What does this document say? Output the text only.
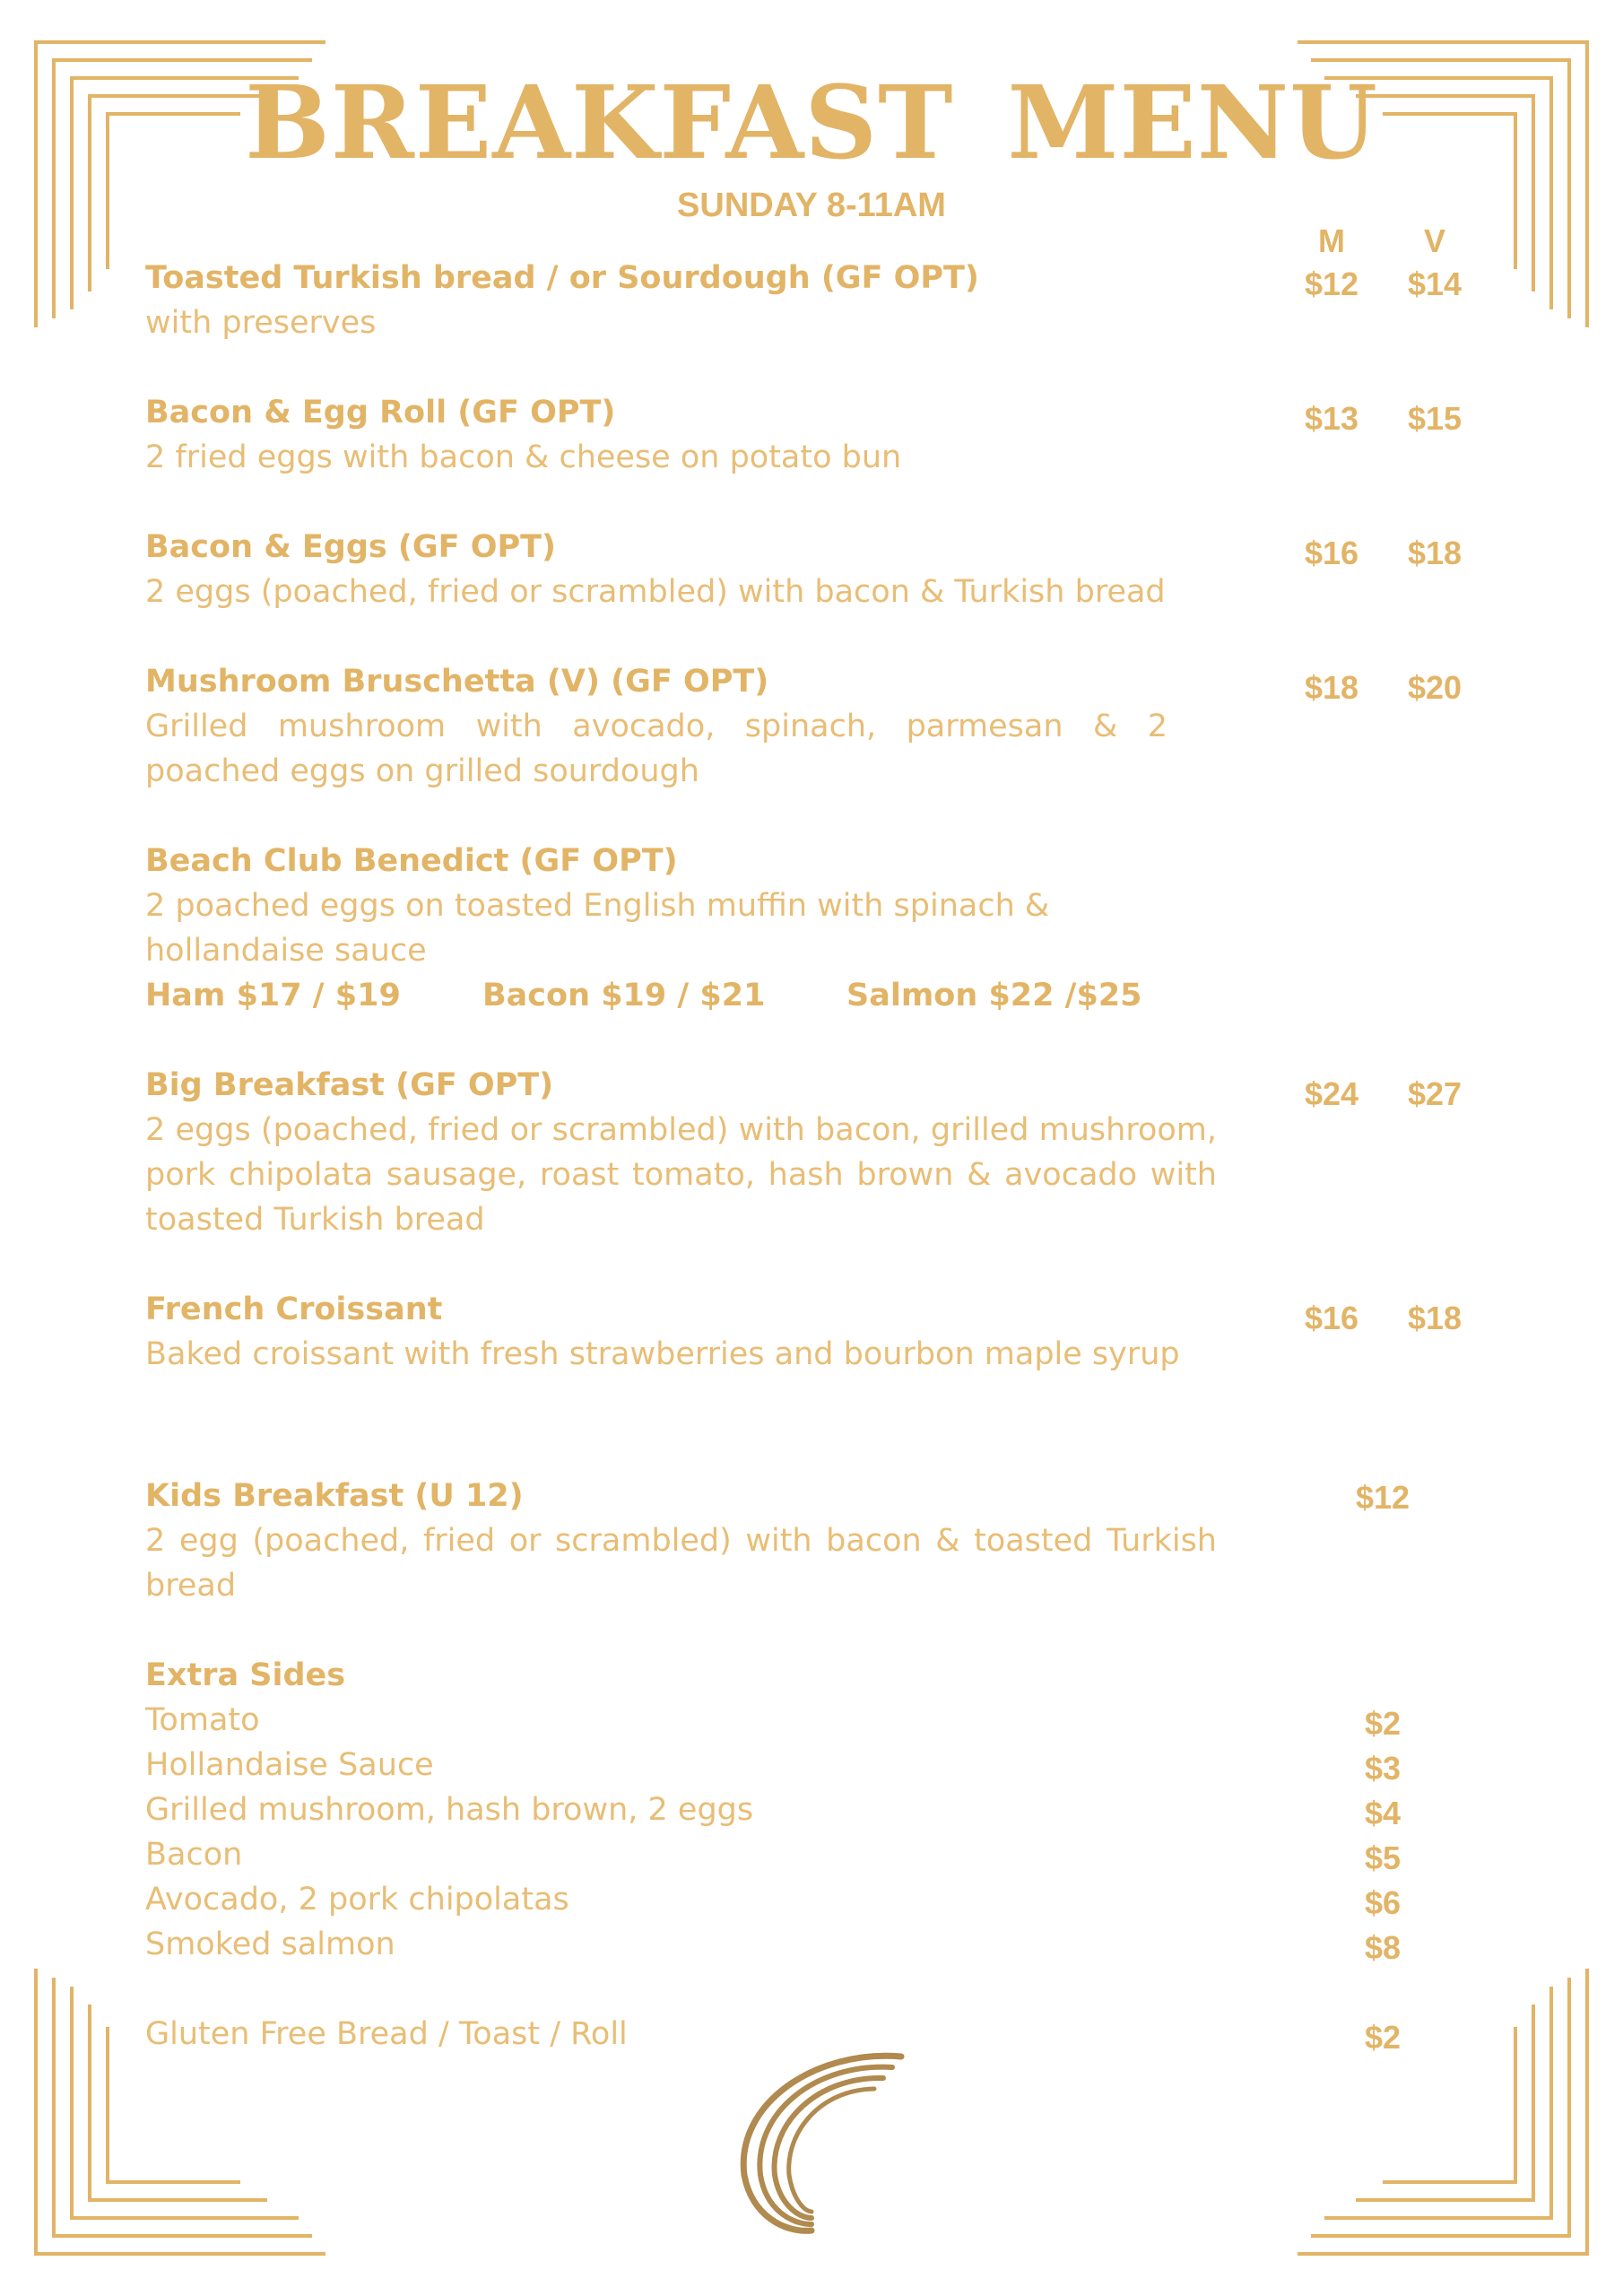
BREAKFAST MENU
SUNDAY 8-11AM
M	V
Toasted Turkish bread / or Sourdough (GF OPT)
with preserves
$12	$14
Bacon & Egg Roll (GF OPT)
2 fried eggs with bacon & cheese on potato bun
$13	$15
Bacon & Eggs (GF OPT)
2 eggs (poached, fried or scrambled) with bacon & Turkish bread
$16	$18
Mushroom Bruschetta (V) (GF OPT)
Grilled mushroom with avocado, spinach, parmesan & 2 poached eggs on grilled sourdough
$18	$20
Beach Club Benedict (GF OPT)
2 poached eggs on toasted English muffin with spinach & hollandaise sauce
Ham $17 / $19	Bacon $19 / $21	Salmon $22 /$25
Big Breakfast (GF OPT)
2 eggs (poached, fried or scrambled) with bacon, grilled mushroom, pork chipolata sausage, roast tomato, hash brown & avocado with toasted Turkish bread
$24	$27
French Croissant
Baked croissant with fresh strawberries and bourbon maple syrup
$16	$18
Kids Breakfast (U 12)
2 egg (poached, fried or scrambled) with bacon & toasted Turkish bread
$12
Extra Sides
Tomato	$2
Hollandaise Sauce	$3
Grilled mushroom, hash brown, 2 eggs	$4
Bacon	$5
Avocado, 2 pork chipolatas	$6
Smoked salmon	$8
Gluten Free Bread / Toast / Roll	$2
